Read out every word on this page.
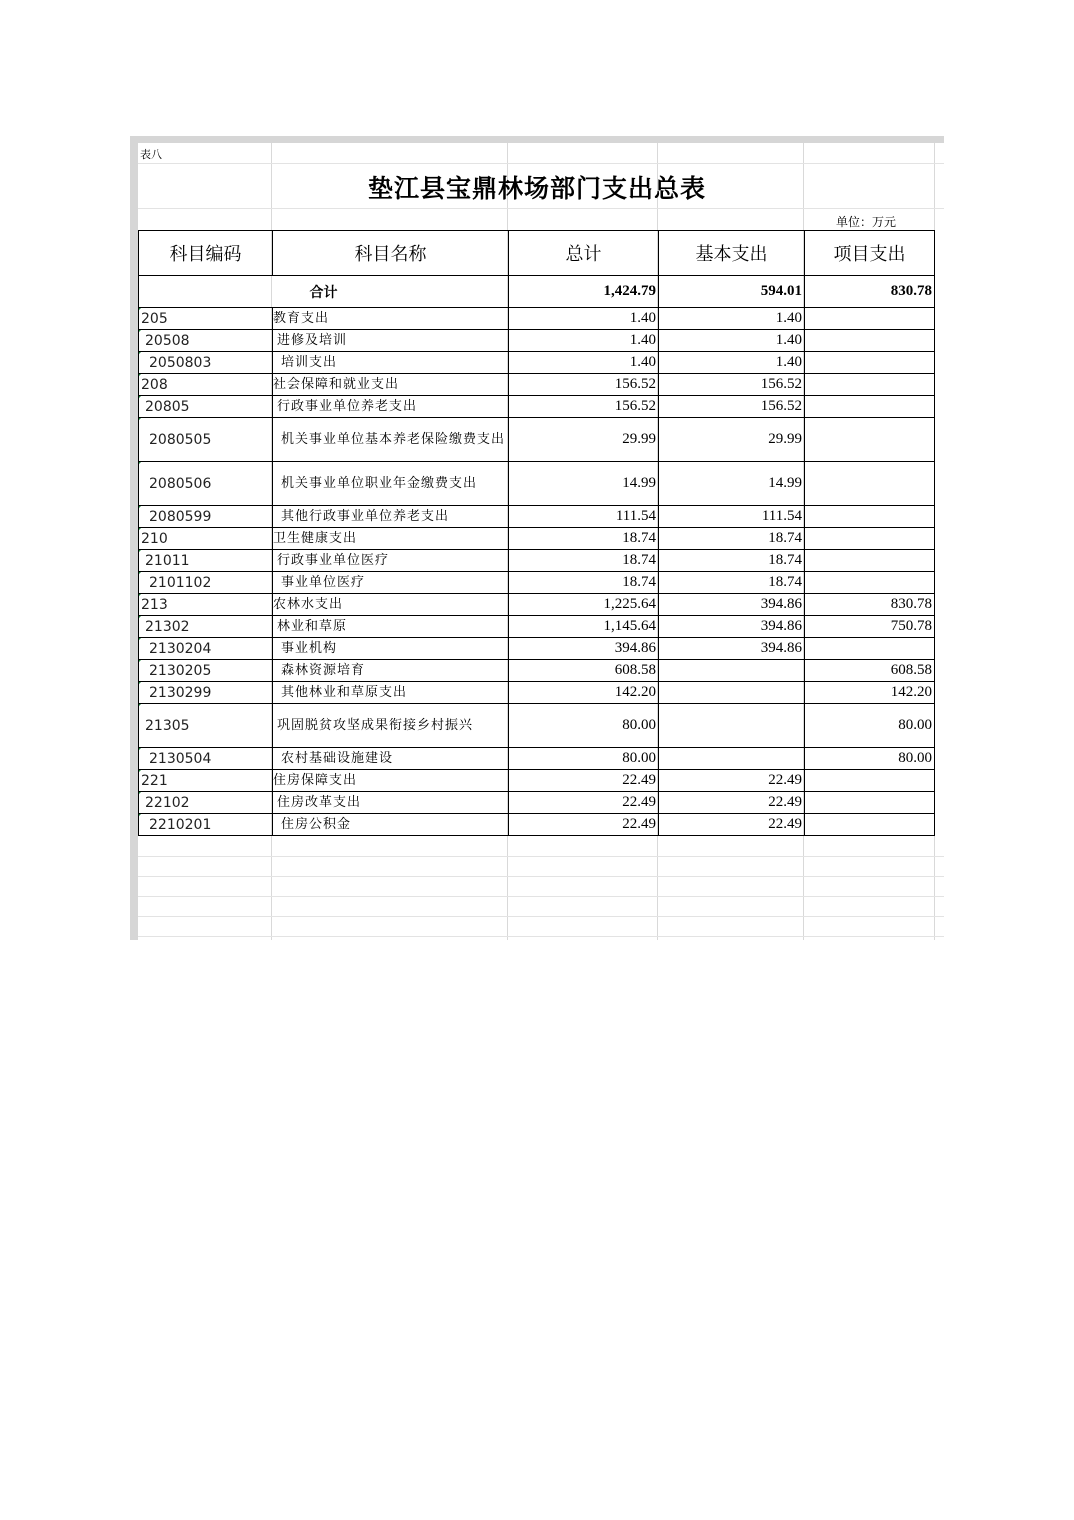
表八
垫江县宝鼎林场部门支出总表
单位：万元
科目编码	科目名称	总计	基本支出	项目支出
合计		1,424.79	594.01	830.78
205	教育支出	1.40	1.40	
20508	进修及培训	1.40	1.40	
2050803	培训支出	1.40	1.40	
208	社会保障和就业支出	156.52	156.52	
20805	行政事业单位养老支出	156.52	156.52	
2080505	机关事业单位基本养老保险缴费支出	29.99	29.99	
2080506	机关事业单位职业年金缴费支出	14.99	14.99	
2080599	其他行政事业单位养老支出	111.54	111.54	
210	卫生健康支出	18.74	18.74	
21011	行政事业单位医疗	18.74	18.74	
2101102	事业单位医疗	18.74	18.74	
213	农林水支出	1,225.64	394.86	830.78
21302	林业和草原	1,145.64	394.86	750.78
2130204	事业机构	394.86	394.86	
2130205	森林资源培育	608.58		608.58
2130299	其他林业和草原支出	142.20		142.20
21305	巩固脱贫攻坚成果衔接乡村振兴	80.00		80.00
2130504	农村基础设施建设	80.00		80.00
221	住房保障支出	22.49	22.49	
22102	住房改革支出	22.49	22.49	
2210201	住房公积金	22.49	22.49	
